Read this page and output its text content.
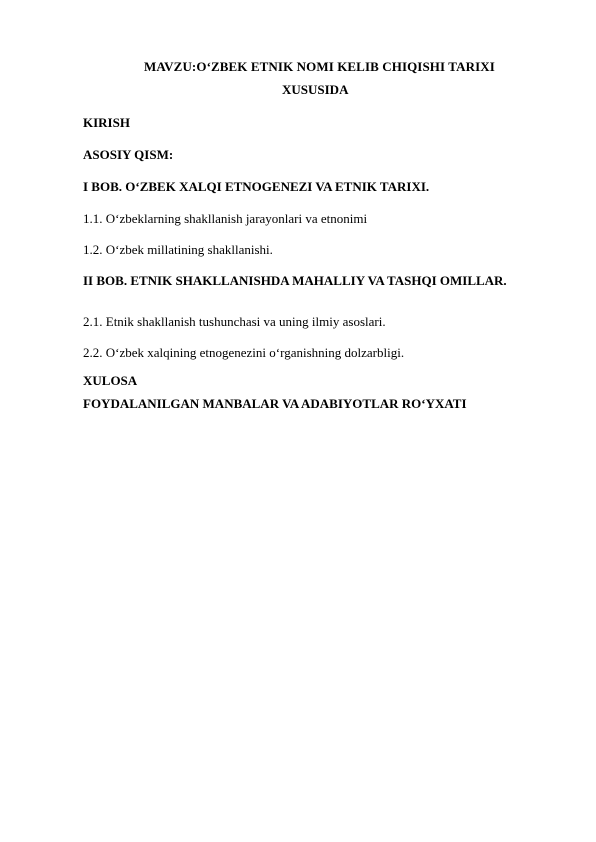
MAVZU:O‘ZBEK ETNIK NOMI KELIB CHIQISHI TARIXI
XUSUSIDA
KIRISH
ASOSIY QISM:
I BOB. O‘ZBEK XALQI ETNOGENEZI VA ETNIK TARIXI.
1.1. O‘zbeklarning shakllanish jarayonlari va etnonimi
1.2. O‘zbek millatining shakllanishi.
II BOB. ETNIK SHAKLLANISHDA MAHALLIY VA TASHQI OMILLAR.
2.1. Etnik shakllanish tushunchasi va uning ilmiy asoslari.
2.2. O‘zbek xalqining etnogenezini o‘rganishning dolzarbligi.
XULOSA
FOYDALANILGAN MANBALAR VA ADABIYOTLAR RO‘YXATI
